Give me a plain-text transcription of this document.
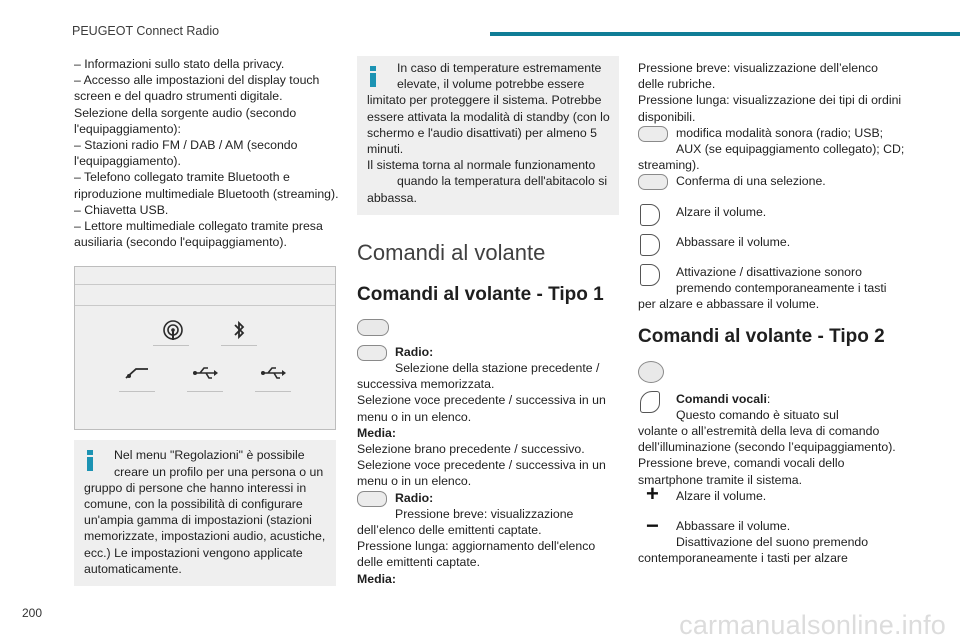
PEUGEOT Connect Radio
200	carmanualsonline.info
– Informazioni sullo stato della privacy.
– Accesso alle impostazioni del display touch
screen e del quadro strumenti digitale.
Selezione della sorgente audio (secondo
l'equipaggiamento):
– Stazioni radio FM / DAB / AM (secondo
l'equipaggiamento).
– Telefono collegato tramite Bluetooth e
riproduzione multimediale Bluetooth (streaming).
– Chiavetta USB.
– Lettore multimediale collegato tramite presa
ausiliaria (secondo l'equipaggiamento).
Nel menu "Regolazioni" è possibile
creare un profilo per una persona o un
gruppo di persone che hanno interessi in
comune, con la possibilità di configurare
un'ampia gamma di impostazioni (stazioni
memorizzate, impostazioni audio, acustiche,
ecc.) Le impostazioni vengono applicate
automaticamente.
In caso di temperature estremamente
elevate, il volume potrebbe essere
limitato per proteggere il sistema. Potrebbe
essere attivata la modalità di standby (con lo
schermo e l'audio disattivati) per almeno 5
minuti.
Il sistema torna al normale funzionamento
quando la temperatura dell'abitacolo si
abbassa.
Comandi al volante
Comandi al volante - Tipo 1
Radio:
Selezione della stazione precedente /
successiva memorizzata.
Selezione voce precedente / successiva in un
menu o in un elenco.
Media:
Selezione brano precedente / successivo.
Selezione voce precedente / successiva in un
menu o in un elenco.
Radio:
Pressione breve: visualizzazione
dell’elenco delle emittenti captate.
Pressione lunga: aggiornamento dell'elenco
delle emittenti captate.
Media:
Pressione breve: visualizzazione dell’elenco
delle rubriche.
Pressione lunga: visualizzazione dei tipi di ordini
disponibili.
modifica modalità sonora (radio; USB;
AUX (se equipaggiamento collegato); CD;
streaming).
Conferma di una selezione.
Alzare il volume.
Abbassare il volume.
Attivazione / disattivazione sonoro
premendo contemporaneamente i tasti
per alzare e abbassare il volume.
Comandi al volante - Tipo 2
Comandi vocali:
Questo comando è situato sul
volante o all’estremità della leva di comando
dell’illuminazione (secondo l’equipaggiamento).
Pressione breve, comandi vocali dello
smartphone tramite il sistema.
+	Alzare il volume.
−	Abbassare il volume.
Disattivazione del suono premendo
contemporaneamente i tasti per alzare
